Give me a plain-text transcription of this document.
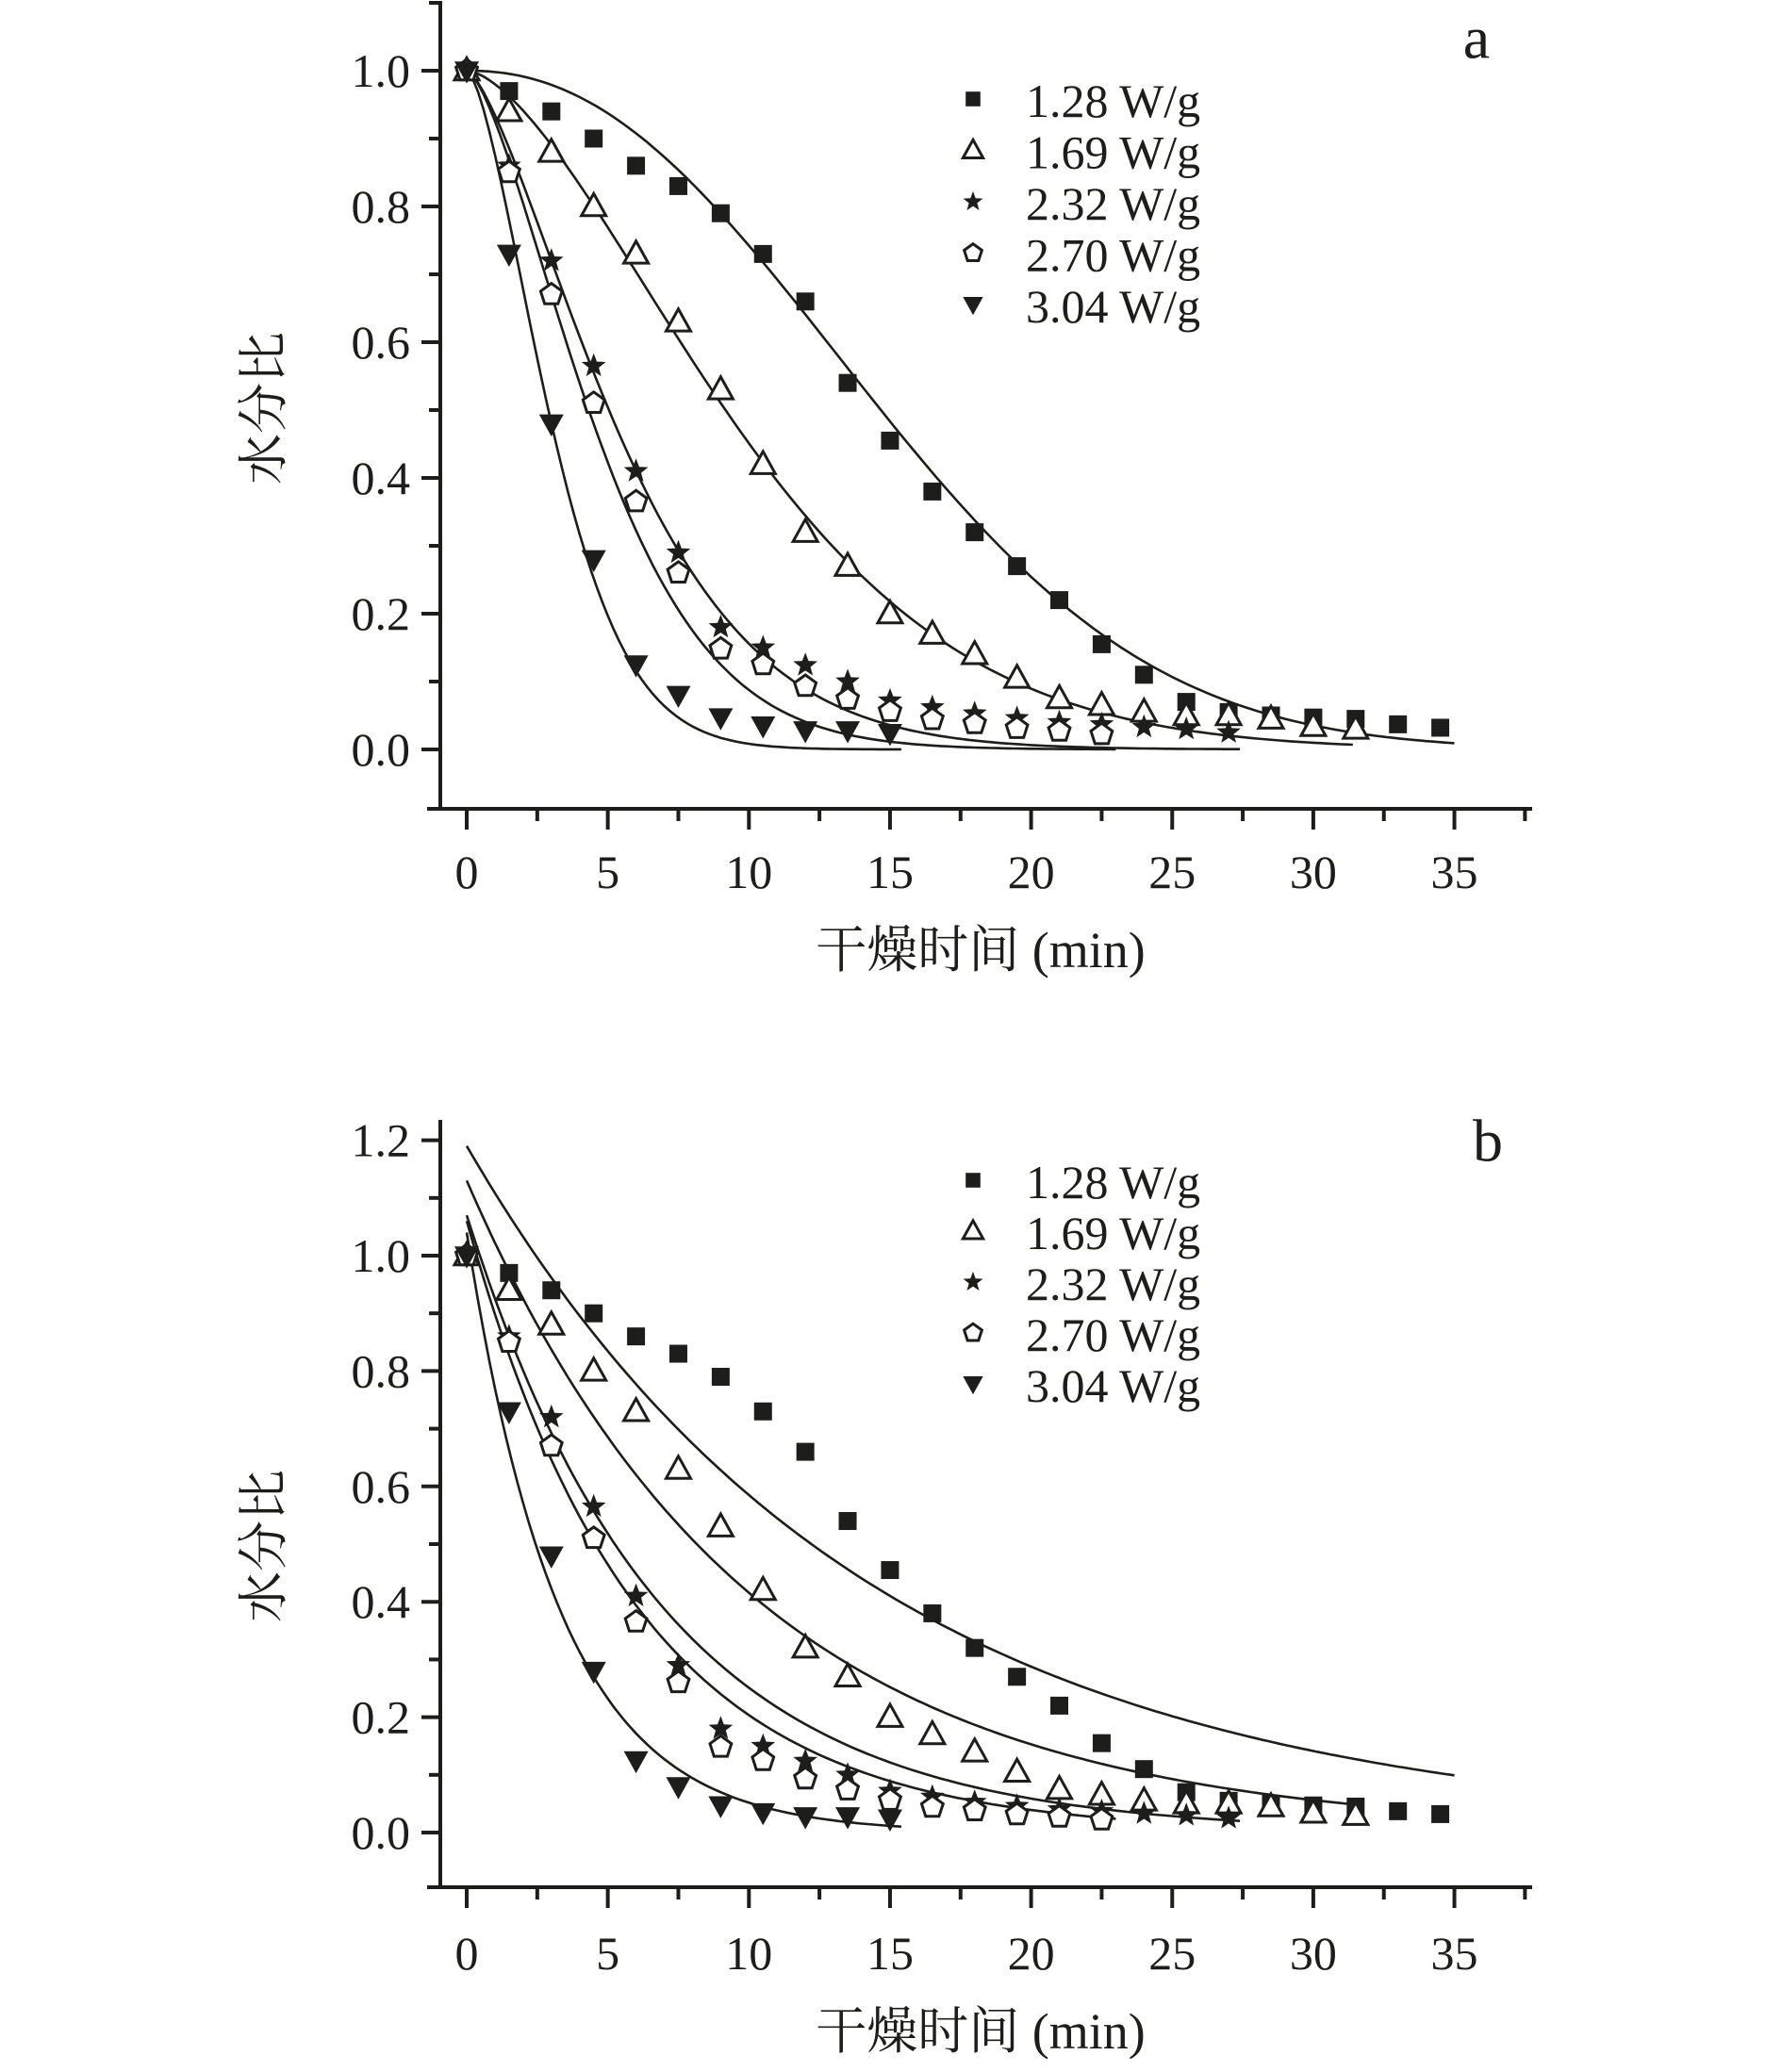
0.0
0.2
0.4
0.6
0.8
1.0
0 5 10 15 20 25 30 35
干燥时间 (min)
水分比
1.28 W/g
1.69 W/g
2.32 W/g
2.70 W/g
3.04 W/g
a
0.0
0.2
0.4
0.6
0.8
1.0
1.2
0 5 10 15 20 25 30 35
干燥时间 (min)
水分比
1.28 W/g
1.69 W/g
2.32 W/g
2.70 W/g
3.04 W/g
b
